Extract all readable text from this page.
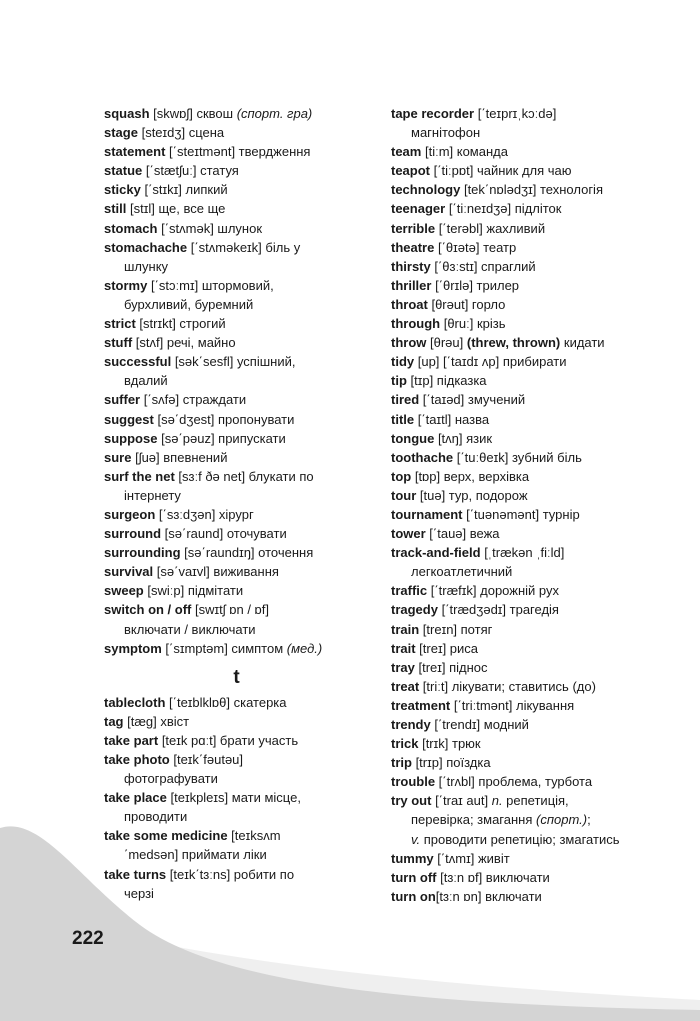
squash [skwɒʃ] сквош (спорт. гра)
stage [steɪdʒ] сцена
statement [΄steɪtmənt] твердження
statue [΄stætʃuː] статуя
sticky [΄stɪkɪ] липкий
still [stɪl] ще, все ще
stomach [΄stʌmək] шлунок
stomachache [΄stʌməkeɪk] біль у
шлунку
stormy [΄stɔːmɪ] штормовий,
бурхливий, буремний
strict [strɪkt] строгий
stuff [stʌf] речі, майно
successful [sək΄sesfl] успішний,
вдалий
suffer [΄sʌfə] страждати
suggest [sə΄dʒest] пропонувати
suppose [sə΄pəuz] припускати
sure [ʃuə] впевнений
surf the net [sɜːf ðə net] блукати по
інтернету
surgeon [΄sɜːdʒən] хірург
surround [sə΄raund] оточувати
surrounding [sə΄raundɪŋ] оточення
survival [sə΄vaɪvl] виживання
sweep [swiːp] підмітати
switch on / off [swɪtʃ ɒn / ɒf]
включати / виключати
symptom [΄sɪmptəm] симптом (мед.)
t
tablecloth [΄teɪblklɒθ] скатерка
tag [tæg] хвіст
take part [teɪk pɑːt] брати участь
take photo [teɪk΄fəutəu]
фотографувати
take place [teɪkpleɪs] мати місце,
проводити
take some medicine [teɪksʌm
΄medsən] приймати ліки
take turns [teɪk΄tɜːns] робити по
черзі
tape recorder [΄teɪprɪˌkɔːdə]
магнітофон
team [tiːm] команда
teapot [΄tiːpɒt] чайник для чаю
technology [tek΄nɒlədʒɪ] технологія
teenager [΄tiːneɪdʒə] підліток
terrible [΄terəbl] жахливий
theatre [΄θɪətə] театр
thirsty [΄θɜːstɪ] спраглий
thriller [΄θrɪlə] трилер
throat [θrəut] горло
through [θruː] крізь
throw [θrəu] (threw, thrown) кидати
tidy [up] [΄taɪdɪ ʌp] прибирати
tip [tɪp] підказка
tired [΄taɪəd] змучений
title [΄taɪtl] назва
tongue [tʌŋ] язик
toothache [΄tuːθeɪk] зубний біль
top [tɒp] верх, верхівка
tour [tuə] тур, подорож
tournament [΄tuənəmənt] турнір
tower [΄tauə] вежа
track-and-field [ˌtrækən ˌfiːld]
легкоатлетичний
traffic [΄træfɪk] дорожній рух
tragedy [΄trædʒədɪ] трагедія
train [treɪn] потяг
trait [treɪ] риса
tray [treɪ] піднос
treat [triːt] лікувати; ставитись (до)
treatment [΄triːtmənt] лікування
trendy [΄trendɪ] модний
trick [trɪk] трюк
trip [trɪp] поїздка
trouble [΄trʌbl] проблема, турбота
try out [΄traɪ aut] n. репетиція,
перевірка; змагання (спорт.);
v. проводити репетицію; змагатись
tummy [΄tʌmɪ] живіт
turn off [tɜːn ɒf] виключати
turn on[tɜːn ɒn] включати
222
